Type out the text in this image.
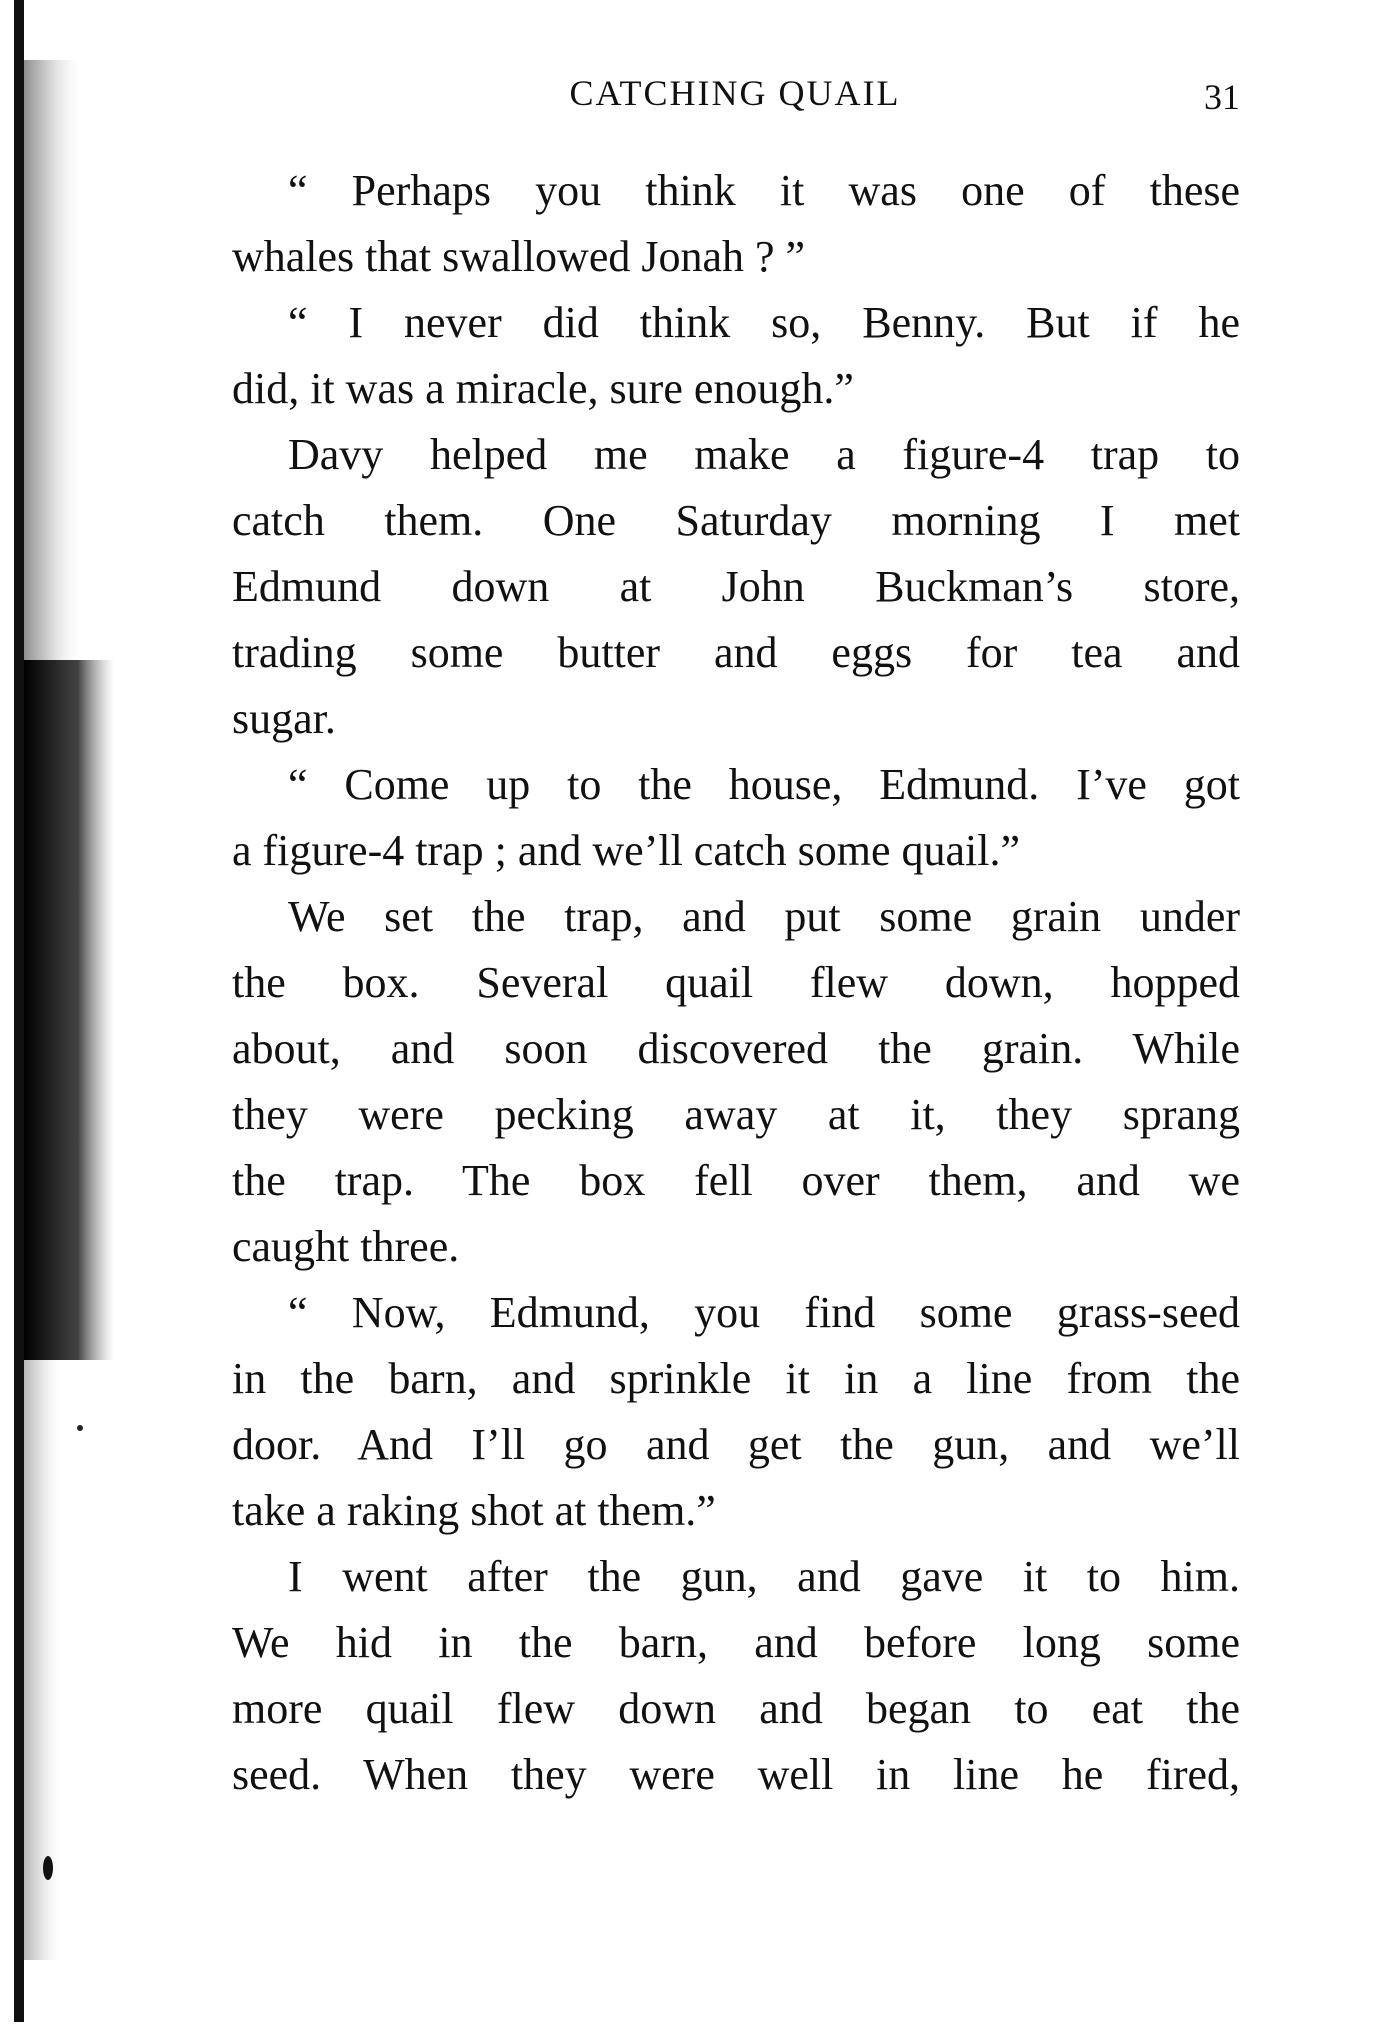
CATCHING QUAIL	31
“ Perhaps you think it was one of these
whales that swallowed Jonah ? ”
“ I never did think so, Benny. But if he
did, it was a miracle, sure enough.”
Davy helped me make a figure-4 trap to
catch them. One Saturday morning I met
Edmund down at John Buckman’s store,
trading some butter and eggs for tea and
sugar.
“ Come up to the house, Edmund. I’ve got
a figure-4 trap ; and we’ll catch some quail.”
We set the trap, and put some grain under
the box. Several quail flew down, hopped
about, and soon discovered the grain. While
they were pecking away at it, they sprang
the trap. The box fell over them, and we
caught three.
“ Now, Edmund, you find some grass-seed
in the barn, and sprinkle it in a line from the
door. And I’ll go and get the gun, and we’ll
take a raking shot at them.”
I went after the gun, and gave it to him.
We hid in the barn, and before long some
more quail flew down and began to eat the
seed. When they were well in line he fired,
